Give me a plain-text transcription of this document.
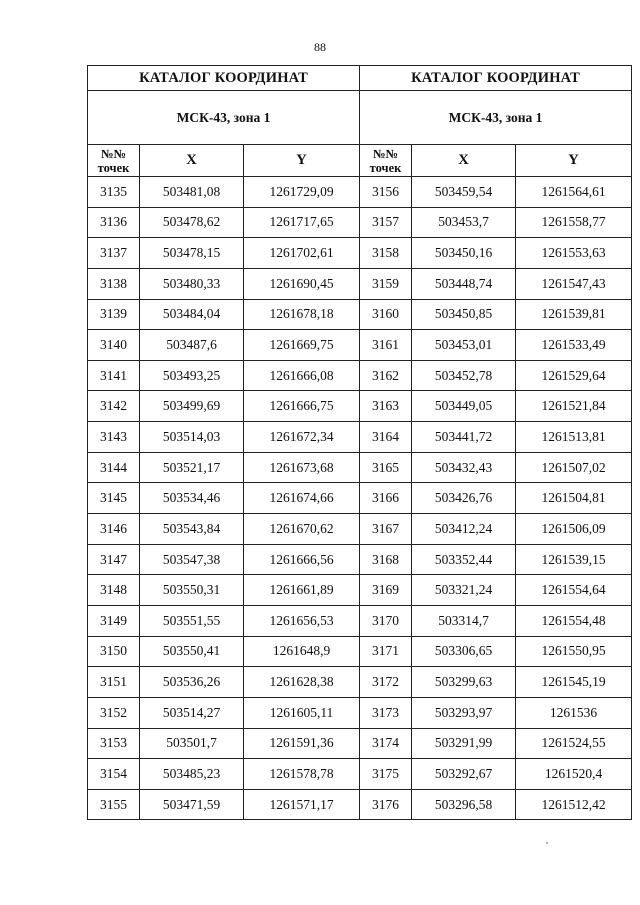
88
КАТАЛОГ КООРДИНАТ		
МСК-43, зона 1		
№№
точек	X	Y
3135	503481,08	1261729,09
3136	503478,62	1261717,65
3137	503478,15	1261702,61
3138	503480,33	1261690,45
3139	503484,04	1261678,18
3140	503487,6	1261669,75
3141	503493,25	1261666,08
3142	503499,69	1261666,75
3143	503514,03	1261672,34
3144	503521,17	1261673,68
3145	503534,46	1261674,66
3146	503543,84	1261670,62
3147	503547,38	1261666,56
3148	503550,31	1261661,89
3149	503551,55	1261656,53
3150	503550,41	1261648,9
3151	503536,26	1261628,38
3152	503514,27	1261605,11
3153	503501,7	1261591,36
3154	503485,23	1261578,78
3155	503471,59	1261571,17
КАТАЛОГ КООРДИНАТ		
МСК-43, зона 1		
№№
точек	X	Y
3156	503459,54	1261564,61
3157	503453,7	1261558,77
3158	503450,16	1261553,63
3159	503448,74	1261547,43
3160	503450,85	1261539,81
3161	503453,01	1261533,49
3162	503452,78	1261529,64
3163	503449,05	1261521,84
3164	503441,72	1261513,81
3165	503432,43	1261507,02
3166	503426,76	1261504,81
3167	503412,24	1261506,09
3168	503352,44	1261539,15
3169	503321,24	1261554,64
3170	503314,7	1261554,48
3171	503306,65	1261550,95
3172	503299,63	1261545,19
3173	503293,97	1261536
3174	503291,99	1261524,55
3175	503292,67	1261520,4
3176	503296,58	1261512,42
